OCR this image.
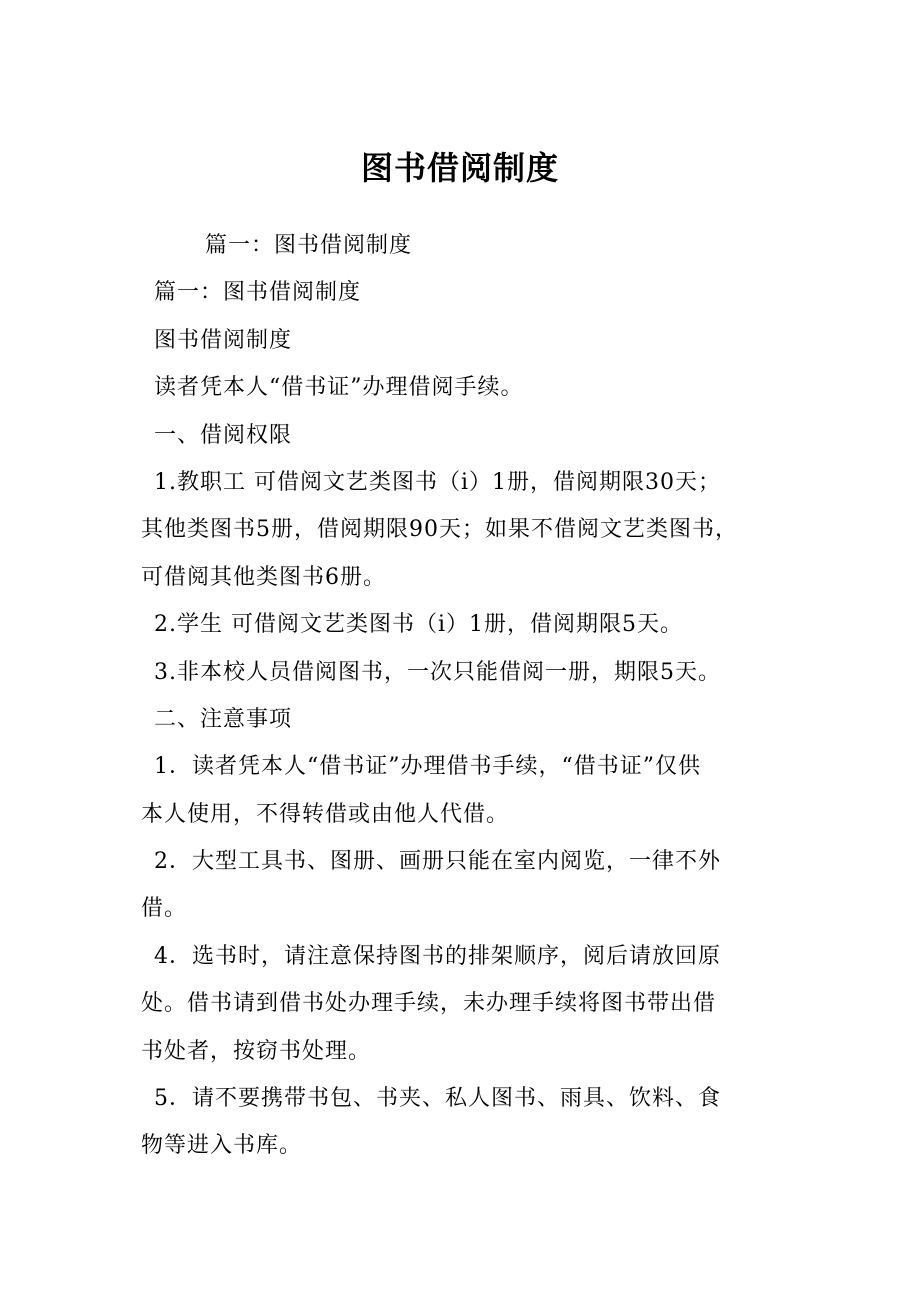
图书借阅制度
篇一：图书借阅制度
篇一：图书借阅制度
图书借阅制度
读者凭本人“借书证”办理借阅手续。
一、借阅权限
1.教职工 可借阅文艺类图书（i）1册，借阅期限30天；
其他类图书5册，借阅期限90天；如果不借阅文艺类图书，
可借阅其他类图书6册。
2.学生 可借阅文艺类图书（i）1册，借阅期限5天。
3.非本校人员借阅图书，一次只能借阅一册，期限5天。
二、注意事项
1．读者凭本人“借书证”办理借书手续，“借书证”仅供
本人使用，不得转借或由他人代借。
2．大型工具书、图册、画册只能在室内阅览，一律不外
借。
4．选书时，请注意保持图书的排架顺序，阅后请放回原
处。借书请到借书处办理手续，未办理手续将图书带出借
书处者，按窃书处理。
5．请不要携带书包、书夹、私人图书、雨具、饮料、食
物等进入书库。
